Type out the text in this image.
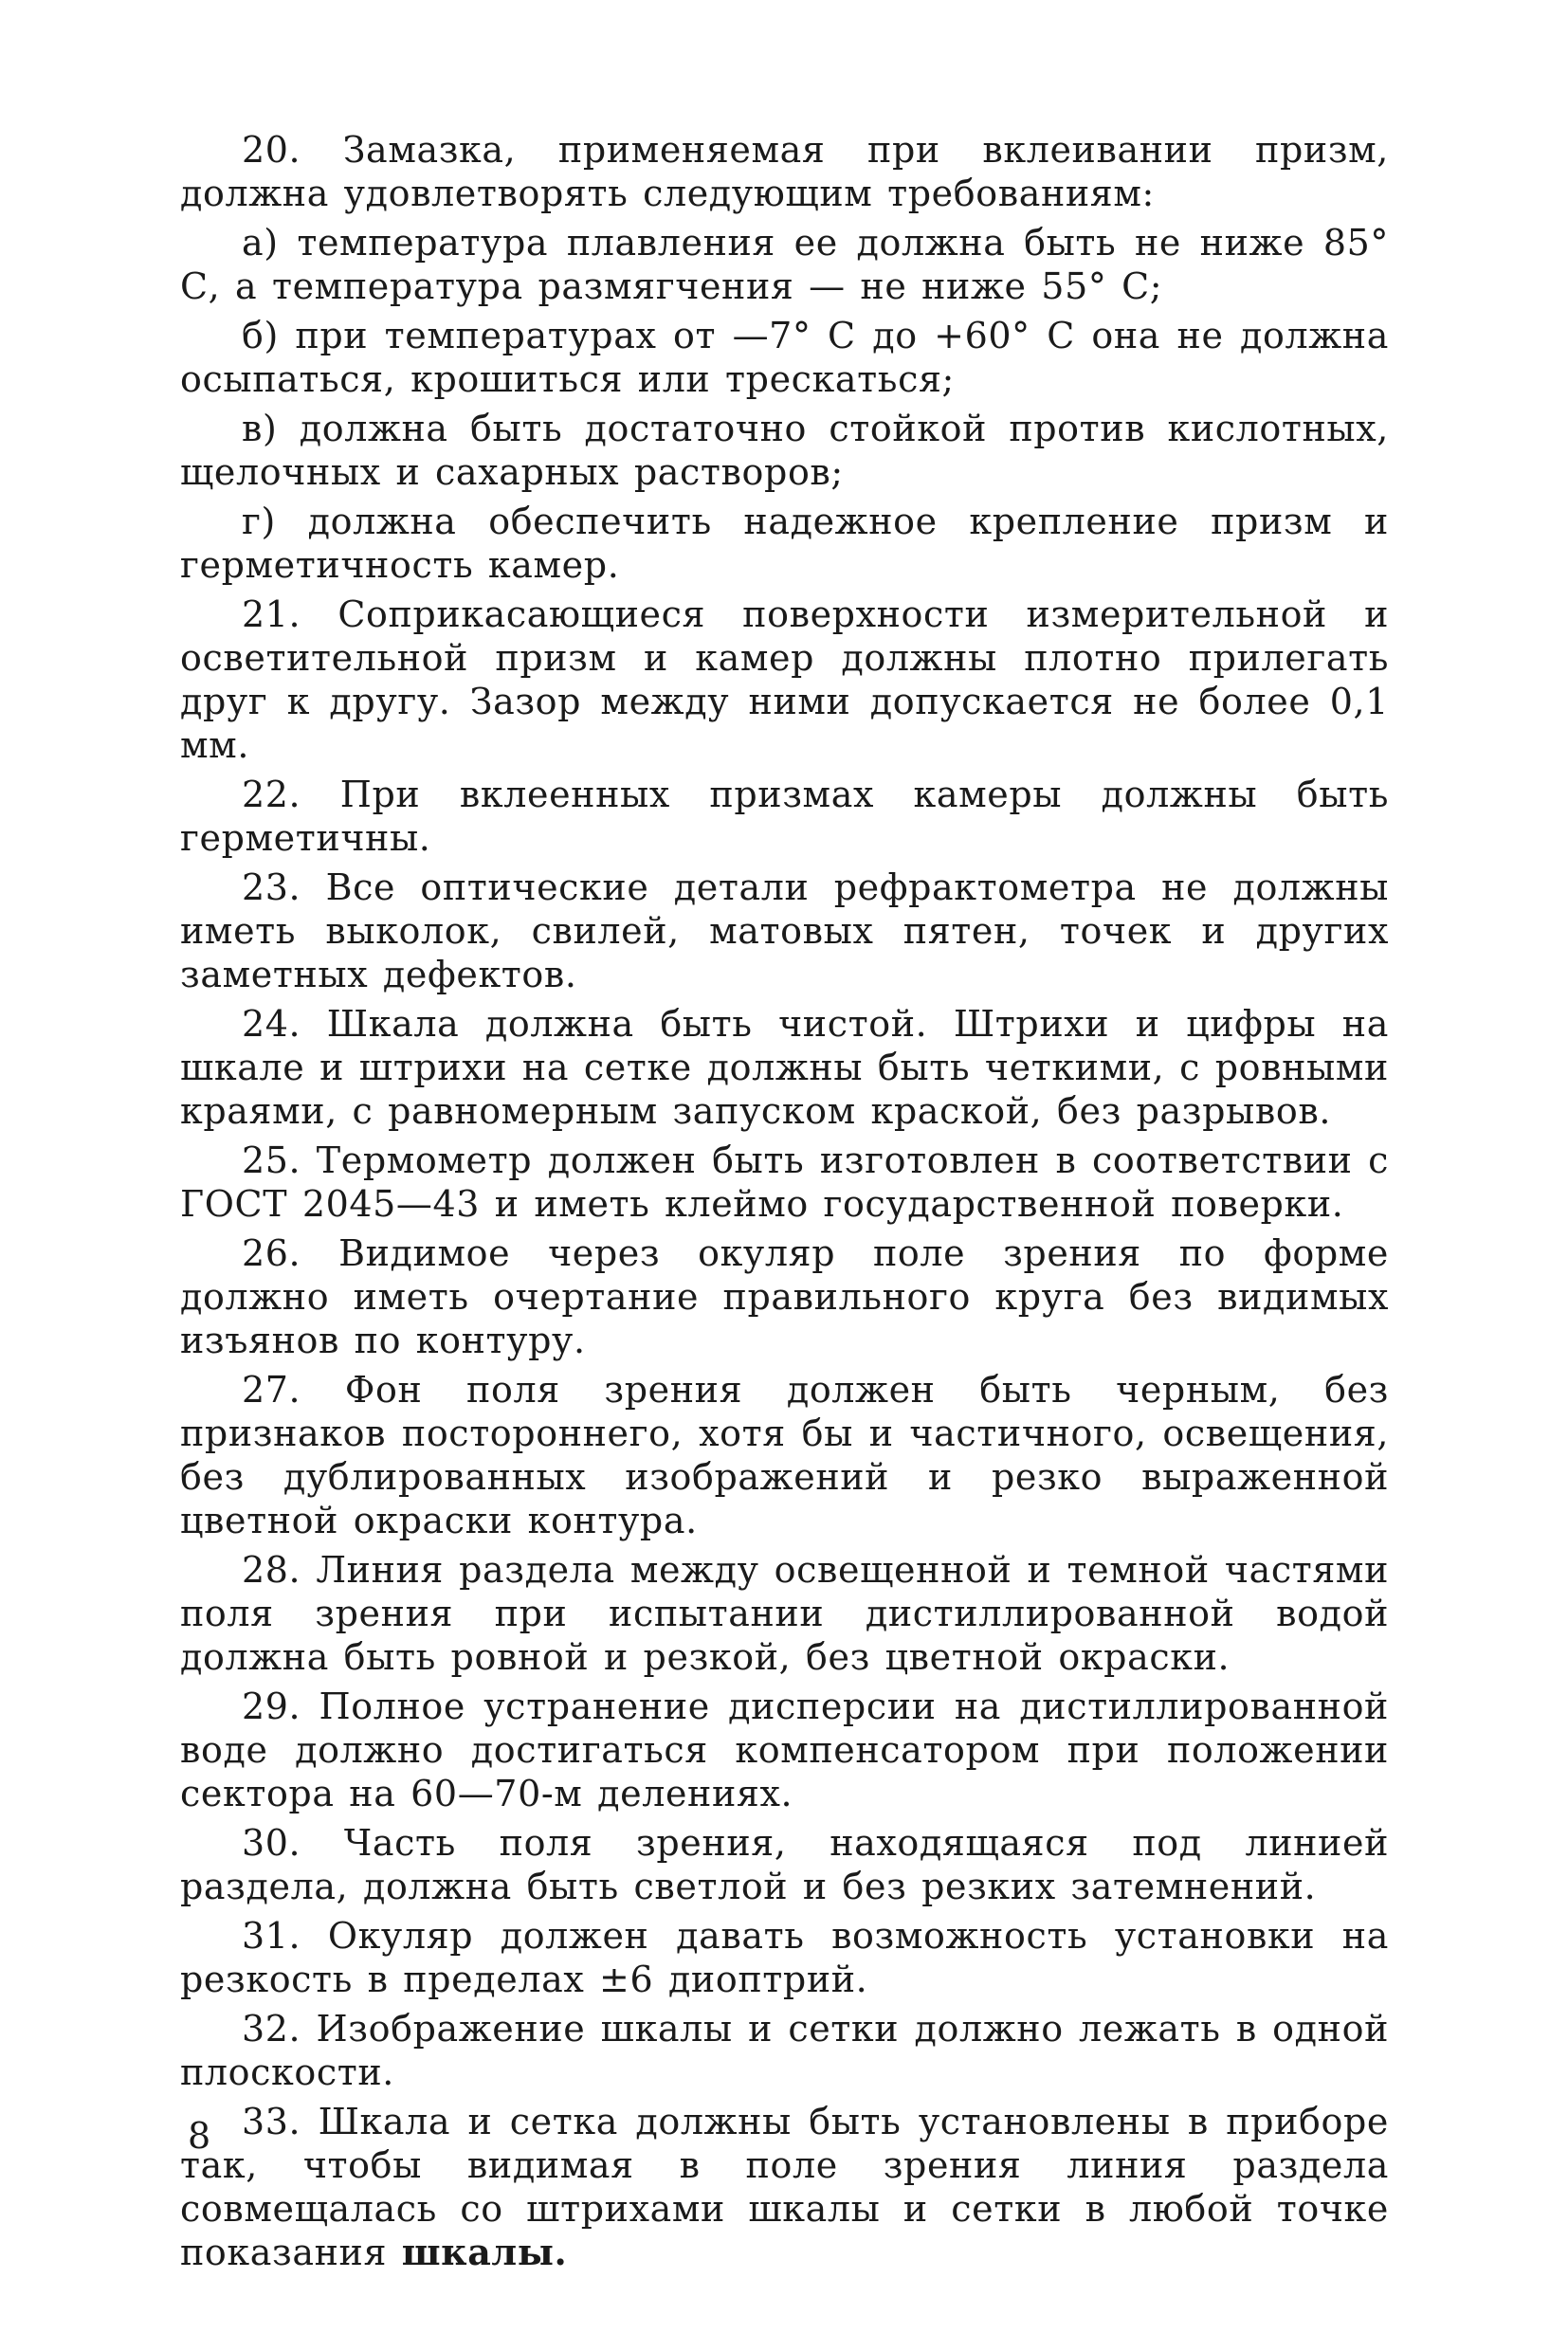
20. Замазка, применяемая при вклеивании призм, должна удовлетворять следующим требованиям:

а) температура плавления ее должна быть не ниже 85° С, а температура размягчения — не ниже 55° С;

б) при температурах от —7° С до +60° С она не должна осыпаться, крошиться или трескаться;

в) должна быть достаточно стойкой против кислотных, щелочных и сахарных растворов;

г) должна обеспечить надежное крепление призм и герметичность камер.

21. Соприкасающиеся поверхности измерительной и осветительной призм и камер должны плотно прилегать друг к другу. Зазор между ними допускается не более 0,1 мм.

22. При вклеенных призмах камеры должны быть герметичны.

23. Все оптические детали рефрактометра не должны иметь выколок, свилей, матовых пятен, точек и других заметных дефектов.

24. Шкала должна быть чистой. Штрихи и цифры на шкале и штрихи на сетке должны быть четкими, с ровными краями, с равномерным запуском краской, без разрывов.

25. Термометр должен быть изготовлен в соответствии с ГОСТ 2045—43 и иметь клеймо государственной поверки.

26. Видимое через окуляр поле зрения по форме должно иметь очертание правильного круга без видимых изъянов по контуру.

27. Фон поля зрения должен быть черным, без признаков постороннего, хотя бы и частичного, освещения, без дублированных изображений и резко выраженной цветной окраски контура.

28. Линия раздела между освещенной и темной частями поля зрения при испытании дистиллированной водой должна быть ровной и резкой, без цветной окраски.

29. Полное устранение дисперсии на дистиллированной воде должно достигаться компенсатором при положении сектора на 60—70-м делениях.

30. Часть поля зрения, находящаяся под линией раздела, должна быть светлой и без резких затемнений.

31. Окуляр должен давать возможность установки на резкость в пределах ±6 диоптрий.

32. Изображение шкалы и сетки должно лежать в одной плоскости.

33. Шкала и сетка должны быть установлены в приборе так, чтобы видимая в поле зрения линия раздела совмещалась со штрихами шкалы и сетки в любой точке показания шкалы.

8
